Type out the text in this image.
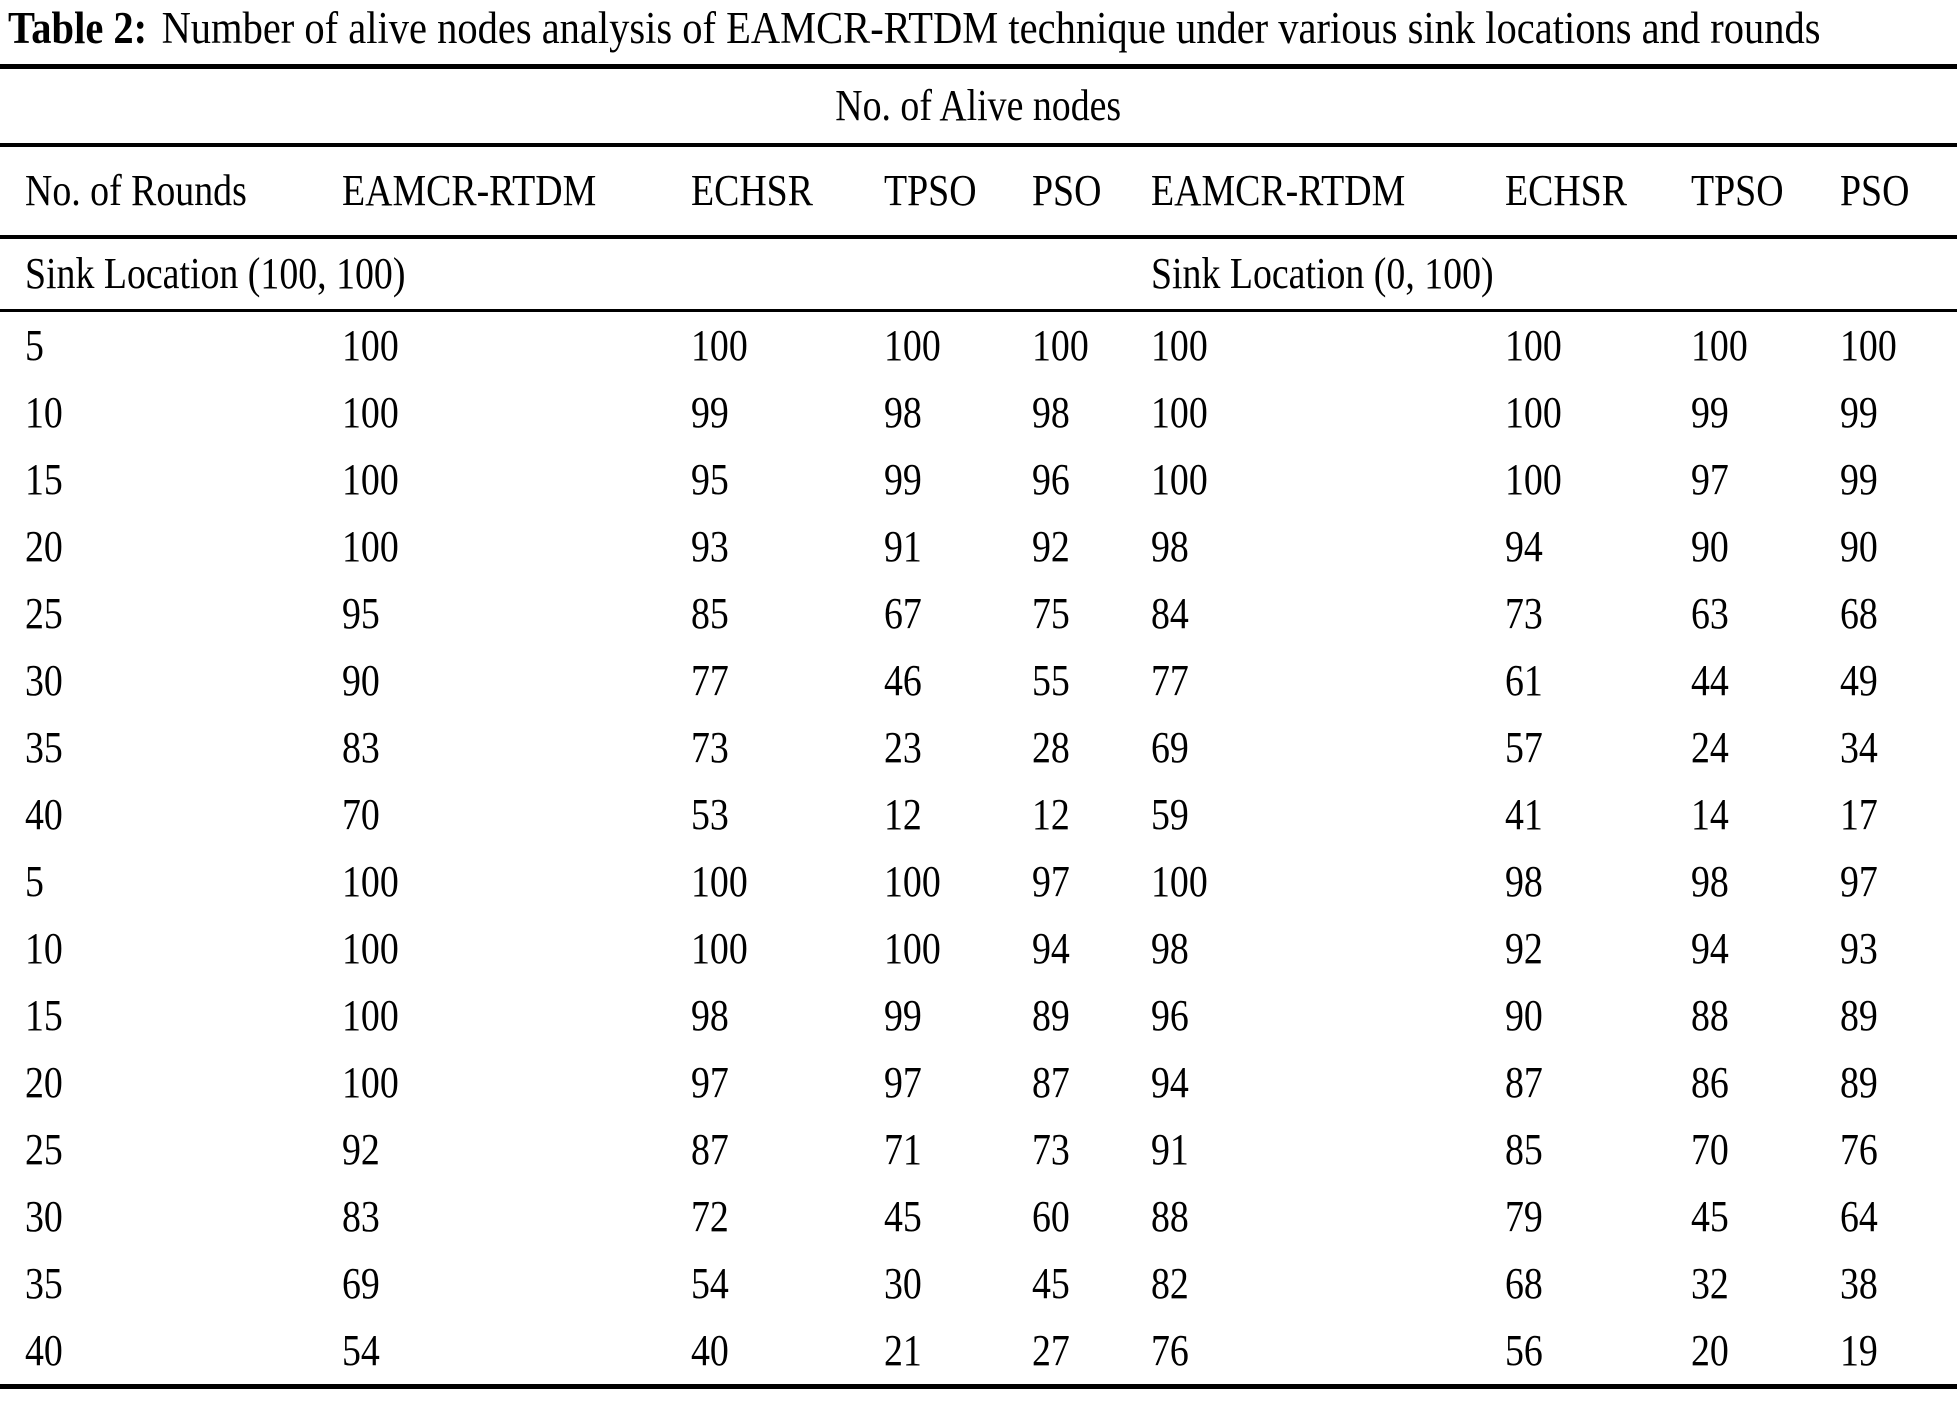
Table 2: Number of alive nodes analysis of EAMCR-RTDM technique under various sink locations and rounds
No. of Alive nodes								
No. of Rounds	EAMCR-RTDM	ECHSR	TPSO	PSO	EAMCR-RTDM	ECHSR	TPSO	PSO
Sink Location (100, 100)					Sink Location (0, 100)			
5	100	100	100	100	100	100	100	100
10	100	99	98	98	100	100	99	99
15	100	95	99	96	100	100	97	99
20	100	93	91	92	98	94	90	90
25	95	85	67	75	84	73	63	68
30	90	77	46	55	77	61	44	49
35	83	73	23	28	69	57	24	34
40	70	53	12	12	59	41	14	17
5	100	100	100	97	100	98	98	97
10	100	100	100	94	98	92	94	93
15	100	98	99	89	96	90	88	89
20	100	97	97	87	94	87	86	89
25	92	87	71	73	91	85	70	76
30	83	72	45	60	88	79	45	64
35	69	54	30	45	82	68	32	38
40	54	40	21	27	76	56	20	19
